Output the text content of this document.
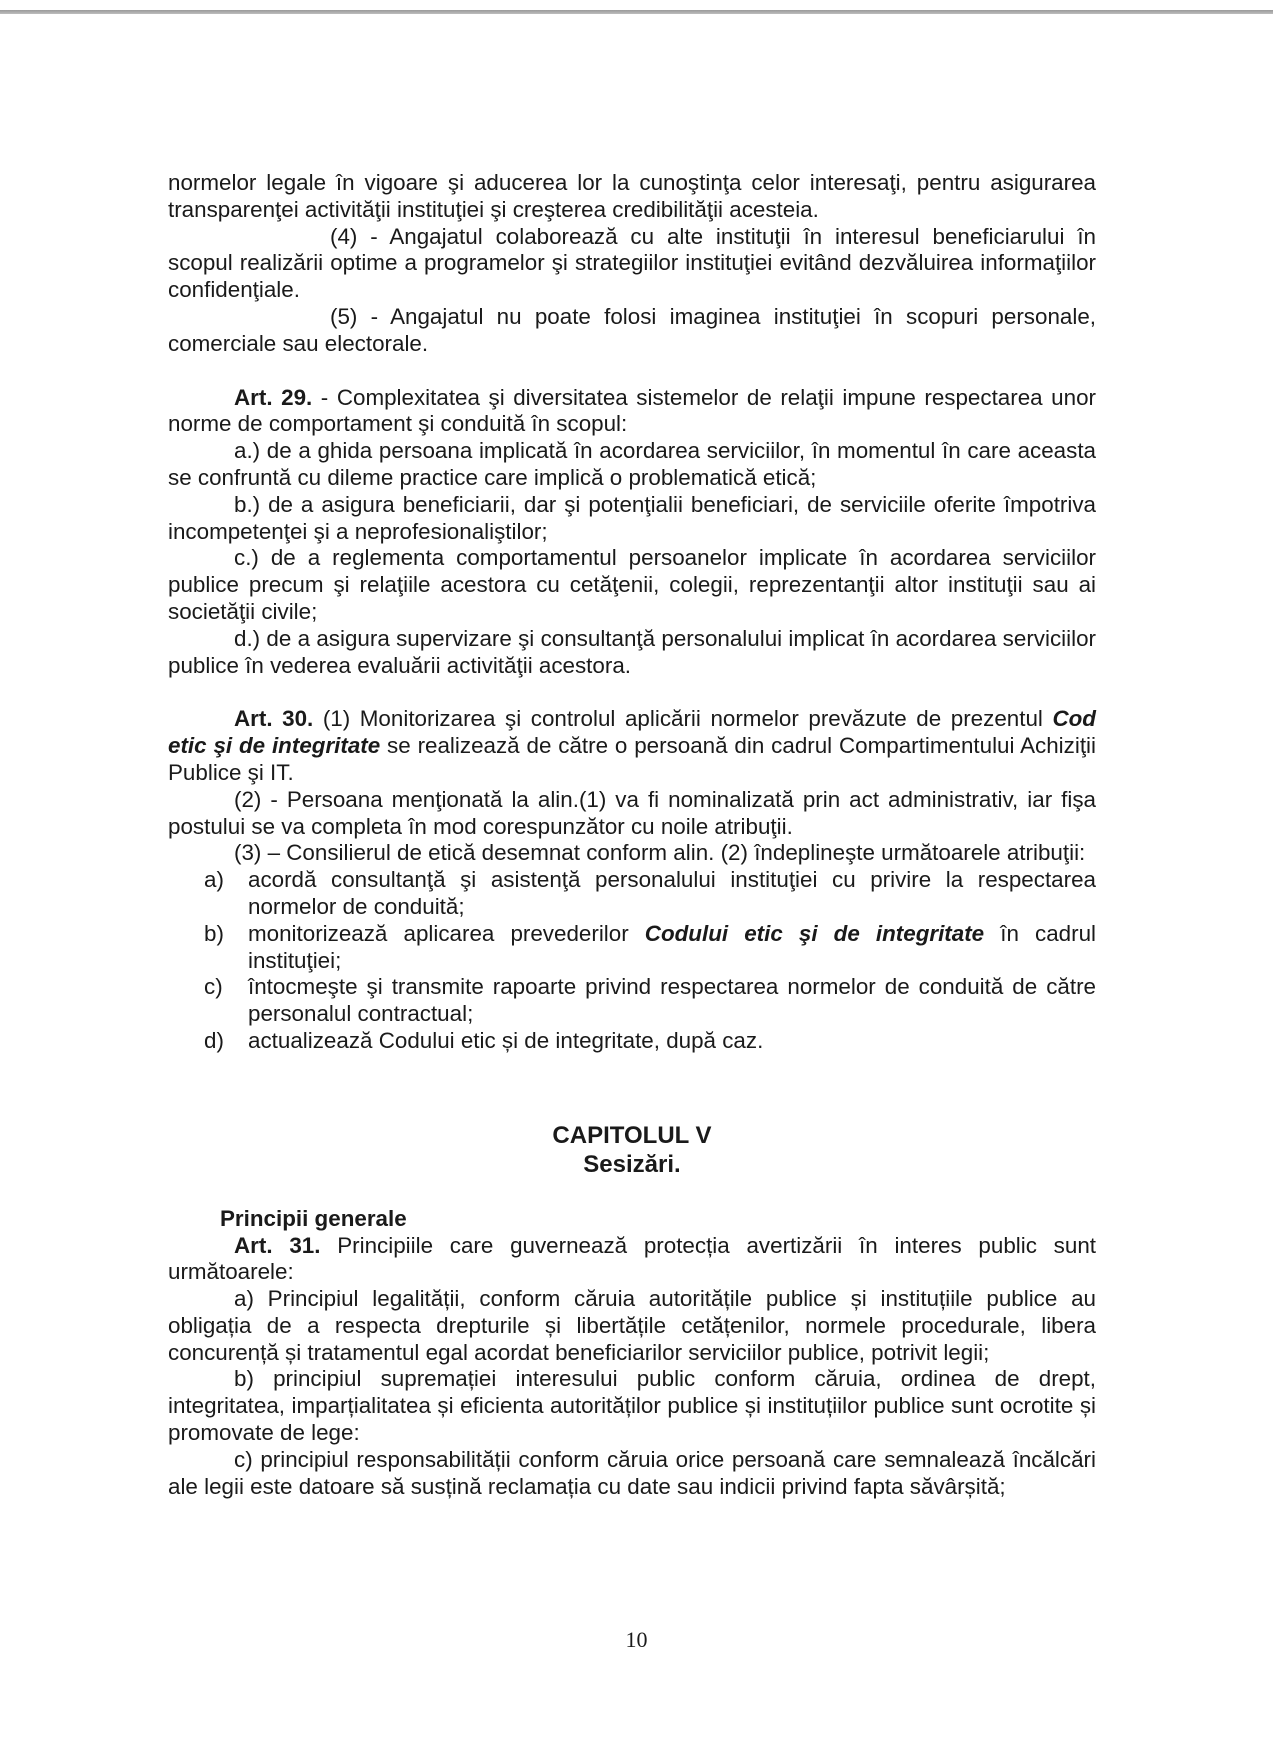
normelor legale în vigoare şi aducerea lor la cunoştinţa celor interesaţi, pentru asigurarea transparenţei activităţii instituţiei şi creşterea credibilităţii acesteia.

(4) - Angajatul colaborează cu alte instituţii în interesul beneficiarului în scopul realizării optime a programelor şi strategiilor instituţiei evitând dezvăluirea informaţiilor confidenţiale.

(5) - Angajatul nu poate folosi imaginea instituţiei în scopuri personale, comerciale sau electorale.

Art. 29. - Complexitatea şi diversitatea sistemelor de relaţii impune respectarea unor norme de comportament şi conduită în scopul:

a.) de a ghida persoana implicată în acordarea serviciilor, în momentul în care aceasta se confruntă cu dileme practice care implică o problematică etică;

b.) de a asigura beneficiarii, dar şi potenţialii beneficiari, de serviciile oferite împotriva incompetenţei şi a neprofesionaliştilor;

c.) de a reglementa comportamentul persoanelor implicate în acordarea serviciilor publice precum şi relaţiile acestora cu cetăţenii, colegii, reprezentanţii altor instituţii sau ai societăţii civile;

d.) de a asigura supervizare şi consultanţă personalului implicat în acordarea serviciilor publice în vederea evaluării activităţii acestora.

Art. 30. (1) Monitorizarea şi controlul aplicării normelor prevăzute de prezentul Cod etic şi de integritate se realizează de către o persoană din cadrul Compartimentului Achiziţii Publice şi IT.

(2) - Persoana menţionată la alin.(1) va fi nominalizată prin act administrativ, iar fişa postului se va completa în mod corespunzător cu noile atribuţii.

(3) – Consilierul de etică desemnat conform alin. (2) îndeplineşte următoarele atribuţii:

a)	acordă consultanţă şi asistenţă personalului instituţiei cu privire la respectarea normelor de conduită;
b)	monitorizează aplicarea prevederilor Codului etic şi de integritate în cadrul instituţiei;
c)	întocmeşte şi transmite rapoarte privind respectarea normelor de conduită de către personalul contractual;
d)	actualizează Codului etic și de integritate, după caz.
CAPITOLUL V
Sesizări.
Principii generale

Art. 31. Principiile care guvernează protecția avertizării în interes public sunt următoarele:

a) Principiul legalității, conform căruia autoritățile publice și instituțiile publice au obligația de a respecta drepturile și libertățile cetățenilor, normele procedurale, libera concurență și tratamentul egal acordat beneficiarilor serviciilor publice, potrivit legii;

b) principiul supremației interesului public conform căruia, ordinea de drept, integritatea, imparțialitatea și eficienta autorităților publice și instituțiilor publice sunt ocrotite și promovate de lege:

c) principiul responsabilității conform căruia orice persoană care semnalează încălcări ale legii este datoare să susțină reclamația cu date sau indicii privind fapta săvârșită;

10
